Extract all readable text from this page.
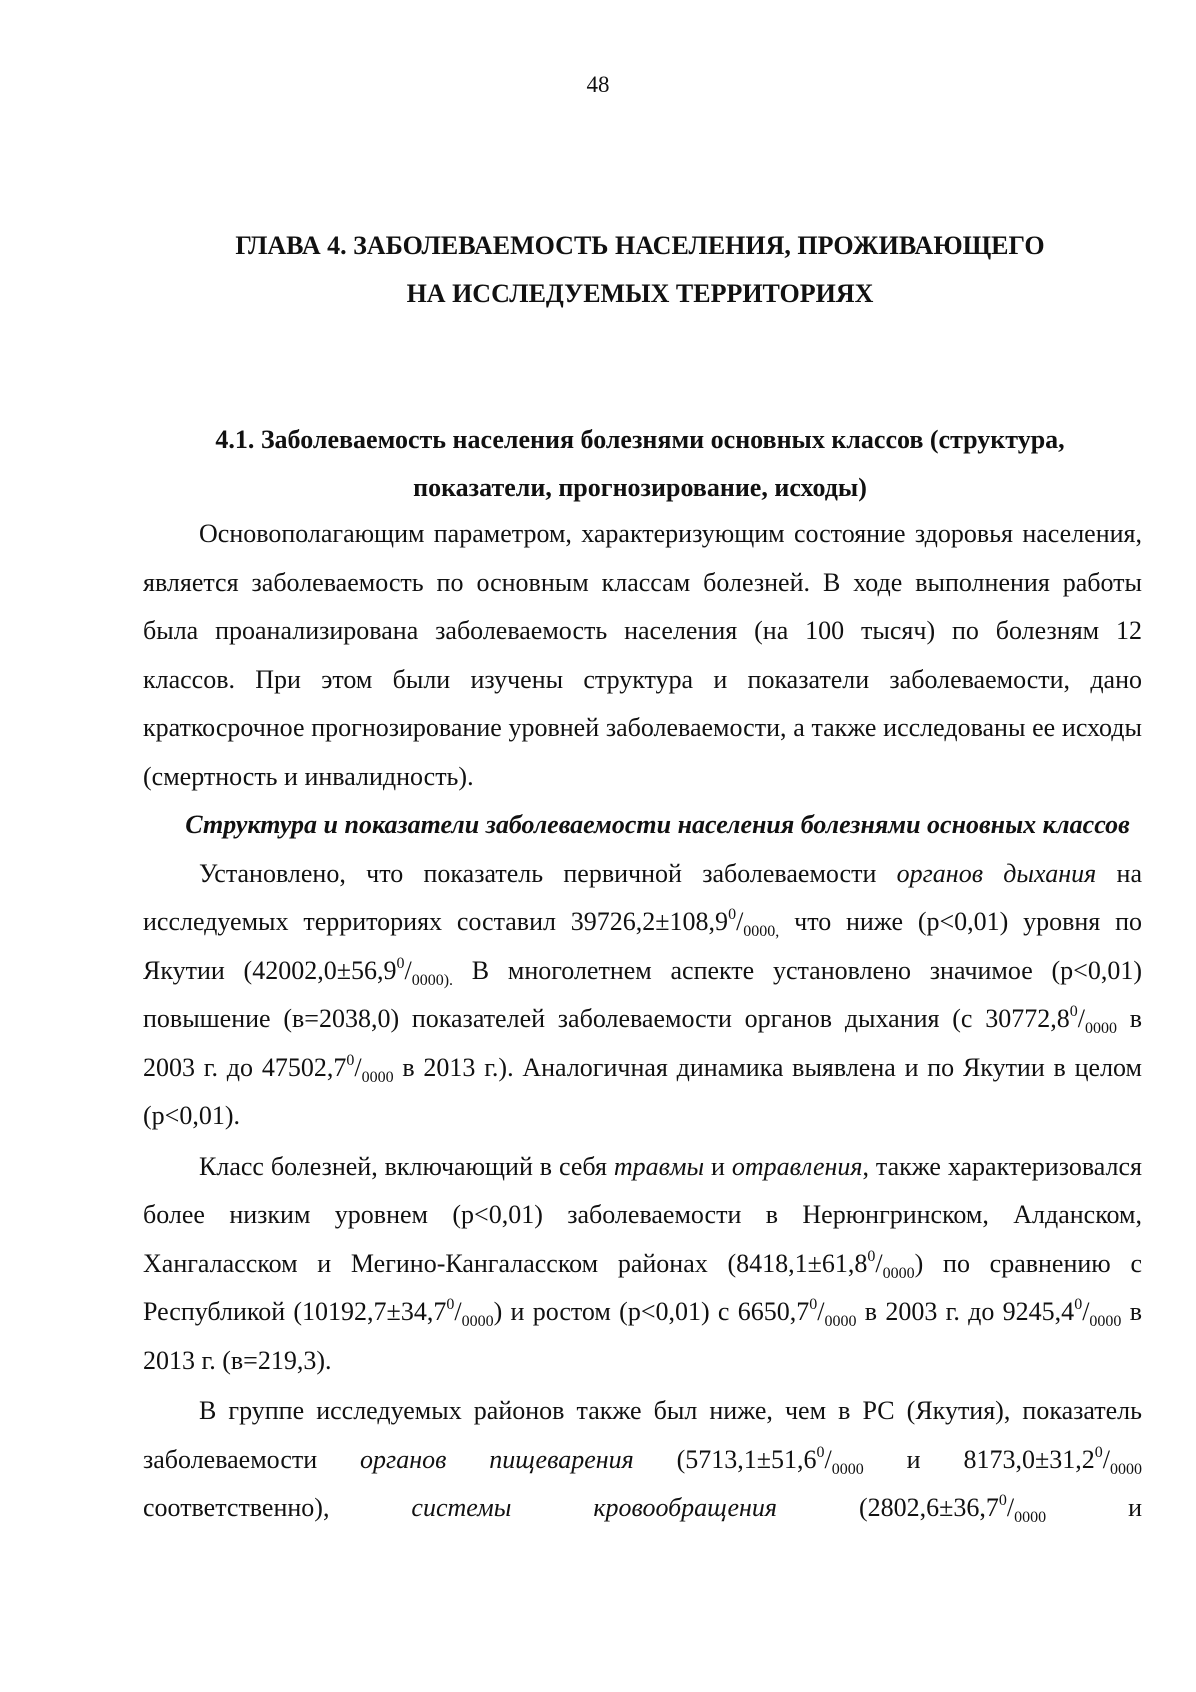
48
ГЛАВА 4. ЗАБОЛЕВАЕМОСТЬ НАСЕЛЕНИЯ, ПРОЖИВАЮЩЕГО
НА ИССЛЕДУЕМЫХ ТЕРРИТОРИЯХ
4.1. Заболеваемость населения болезнями основных классов (структура,
показатели, прогнозирование, исходы)

Основополагающим параметром, характеризующим состояние здоровья населения, является заболеваемость по основным классам болезней. В ходе выполнения работы была проанализирована заболеваемость населения (на 100 тысяч) по болезням 12 классов. При этом были изучены структура и показатели заболеваемости, дано краткосрочное прогнозирование уровней заболеваемости, а также исследованы ее исходы (смертность и инвалидность).

Структура и показатели заболеваемости населения болезнями основных классов

Установлено, что показатель первичной заболеваемости органов дыхания на исследуемых территориях составил $39726,2\pm 108,9^0/_{0000,}$ что ниже (р<0,01) уровня по Якутии ($42002,0\pm 56,9^0/_{0000).}$ В многолетнем аспекте установлено значимое (р<0,01) повышение (в=2038,0) показателей заболеваемости органов дыхания (с $30772,8^0/_{0000}$ в 2003 г. до $47502,7^0/_{0000}$ в 2013 г.). Аналогичная динамика выявлена и по Якутии в целом (р<0,01).

Класс болезней, включающий в себя травмы и отравления, также характеризовался более низким уровнем (р<0,01) заболеваемости в Нерюнгринском, Алданском, Хангаласском и Мегино-Кангаласском районах $(8418,1\pm 61,8^0/_{0000})$ по сравнению с Республикой $(10192,7\pm 34,7^0/_{0000})$ и ростом (р<0,01) с $6650,7^0/_{0000}$ в 2003 г. до $9245,4^0/_{0000}$ в 2013 г. (в=219,3).

В группе исследуемых районов также был ниже, чем в РС (Якутия), показатель заболеваемости органов пищеварения ($5713,1\pm 51,6^0/_{0000}$ и $8173,0\pm 31,2^0/_{0000}$ соответственно), системы кровообращения ($2802,6\pm 36,7^0/_{0000}$ и
